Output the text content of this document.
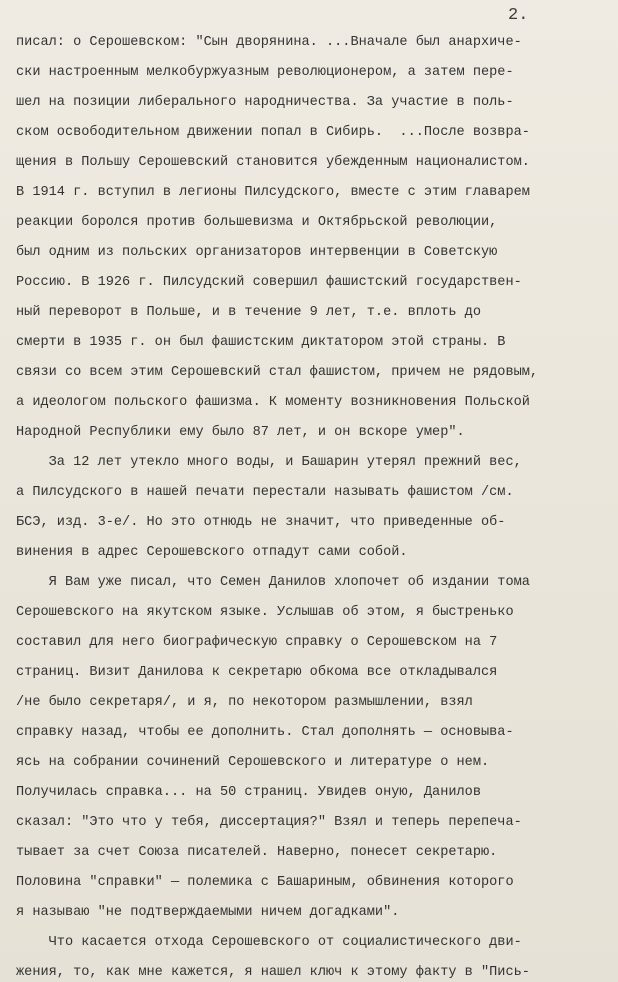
2.
писал: о Серошевском: "Сын дворянина. ...Вначале был анархиче-
ски настроенным мелкобуржуазным революционером, а затем пере-
шел на позиции либерального народничества. За участие в поль-
ском освободительном движении попал в Сибирь.  ...После возвра-
щения в Польшу Серошевский становится убежденным националистом.
В 1914 г. вступил в легионы Пилсудского, вместе с этим главарем
реакции боролся против большевизма и Октябрьской революции,
был одним из польских организаторов интервенции в Советскую
Россию. В 1926 г. Пилсудский совершил фашистский государствен-
ный переворот в Польше, и в течение 9 лет, т.е. вплоть до
смерти в 1935 г. он был фашистским диктатором этой страны. В
связи со всем этим Серошевский стал фашистом, причем не рядовым,
а идеологом польского фашизма. К моменту возникновения Польской
Народной Республики ему было 87 лет, и он вскоре умер".
За 12 лет утекло много воды, и Башарин утерял прежний вес,
а Пилсудского в нашей печати перестали называть фашистом /см.
БСЭ, изд. 3-е/. Но это отнюдь не значит, что приведенные об-
винения в адрес Серошевского отпадут сами собой.
Я Вам уже писал, что Семен Данилов хлопочет об издании тома
Серошевского на якутском языке. Услышав об этом, я быстренько
составил для него биографическую справку о Серошевском на 7
страниц. Визит Данилова к секретарю обкома все откладывался
/не было секретаря/, и я, по некотором размышлении, взял
справку назад, чтобы ее дополнить. Стал дополнять — основыва-
ясь на собрании сочинений Серошевского и литературе о нем.
Получилась справка... на 50 страниц. Увидев оную, Данилов
сказал: "Это что у тебя, диссертация?" Взял и теперь перепеча-
тывает за счет Союза писателей. Наверно, понесет секретарю.
Половина "справки" — полемика с Башариным, обвинения которого
я называю "не подтверждаемыми ничем догадками".
Что касается отхода Серошевского от социалистического дви-
жения, то, как мне кажется, я нашел ключ к этому факту в "Пись-
